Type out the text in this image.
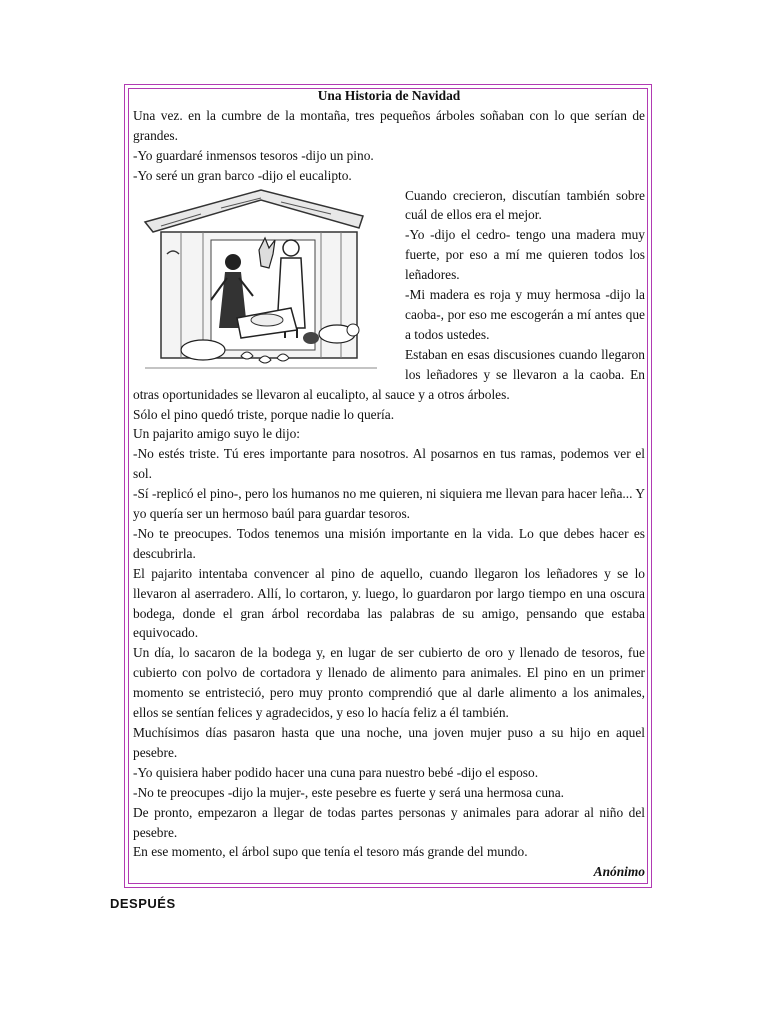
Una Historia de Navidad

Una vez. en la cumbre de la montaña, tres pequeños árboles soñaban con lo que serían de grandes.

-Yo guardaré inmensos tesoros -dijo un pino.

-Yo seré un gran barco -dijo el eucalipto.

Cuando crecieron, discutían también sobre cuál de ellos era el mejor.

-Yo -dijo el cedro- tengo una madera muy fuerte, por eso a mí me quieren todos los leñadores.

-Mi madera es roja y muy hermosa -dijo la caoba-, por eso me escogerán a mí antes que a todos ustedes.

Estaban en esas discusiones cuando llegaron los leñadores y se llevaron a la caoba. En otras oportunidades se llevaron al eucalipto, al sauce y a otros árboles.

Sólo el pino quedó triste, porque nadie lo quería.

Un pajarito amigo suyo le dijo:

-No estés triste. Tú eres importante para nosotros. Al posarnos en tus ramas, podemos ver el sol.

-Sí -replicó el pino-, pero los humanos no me quieren, ni siquiera me llevan para hacer leña... Y yo quería ser un hermoso baúl para guardar tesoros.

-No te preocupes. Todos tenemos una misión importante en la vida. Lo que debes hacer es descubrirla.

El pajarito intentaba convencer al pino de aquello, cuando llegaron los leñadores y se lo llevaron al aserradero. Allí, lo cortaron, y. luego, lo guardaron por largo tiempo en una oscura bodega, donde el gran árbol recordaba las palabras de su amigo, pensando que estaba equivocado.

Un día, lo sacaron de la bodega y, en lugar de ser cubierto de oro y llenado de tesoros, fue cubierto con polvo de cortadora y llenado de alimento para animales. El pino en un primer momento se entristeció, pero muy pronto comprendió que al darle alimento a los animales, ellos se sentían felices y agradecidos, y eso lo hacía feliz a él también.

Muchísimos días pasaron hasta que una noche, una joven mujer puso a su hijo en aquel pesebre.

-Yo quisiera haber podido hacer una cuna para nuestro bebé -dijo el esposo.

-No te preocupes -dijo la mujer-, este pesebre es fuerte y será una hermosa cuna.

De pronto, empezaron a llegar de todas partes personas y animales para adorar al niño del pesebre.

En ese momento, el árbol supo que tenía el tesoro más grande del mundo.

Anónimo

DESPUÉS
